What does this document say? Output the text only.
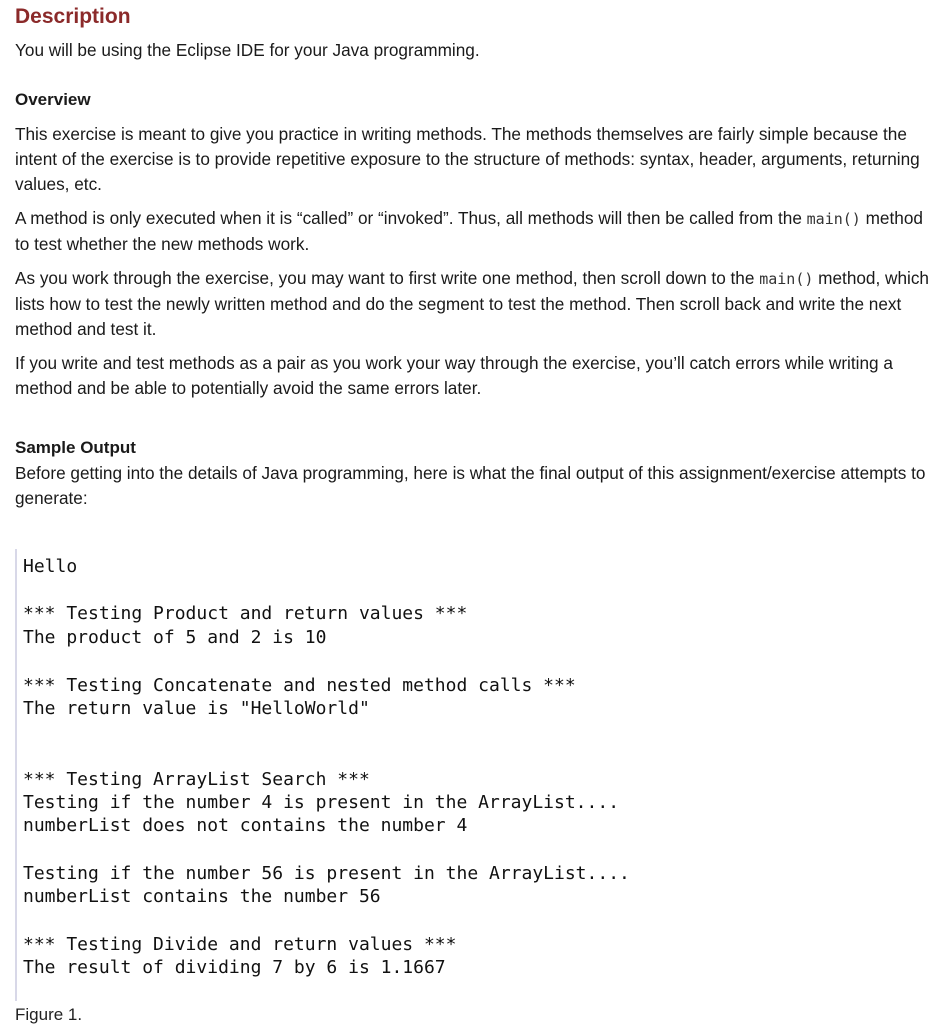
Description

You will be using the Eclipse IDE for your Java programming.

Overview

This exercise is meant to give you practice in writing methods. The methods themselves are fairly simple because the intent of the exercise is to provide repetitive exposure to the structure of methods: syntax, header, arguments, returning values, etc.

A method is only executed when it is “called” or “invoked”. Thus, all methods will then be called from the main() method to test whether the new methods work.

As you work through the exercise, you may want to first write one method, then scroll down to the main() method, which lists how to test the newly written method and do the segment to test the method. Then scroll back and write the next method and test it.

If you write and test methods as a pair as you work your way through the exercise, you’ll catch errors while writing a method and be able to potentially avoid the same errors later.

Sample Output

Before getting into the details of Java programming, here is what the final output of this assignment/exercise attempts to generate:

Hello
*** Testing Product and return values ***
The product of 5 and 2 is 10
*** Testing Concatenate and nested method calls ***
The return value is "HelloWorld"
*** Testing ArrayList Search ***
Testing if the number 4 is present in the ArrayList....
numberList does not contains the number 4
Testing if the number 56 is present in the ArrayList....
numberList contains the number 56
*** Testing Divide and return values ***
The result of dividing 7 by 6 is 1.1667
Figure 1.
